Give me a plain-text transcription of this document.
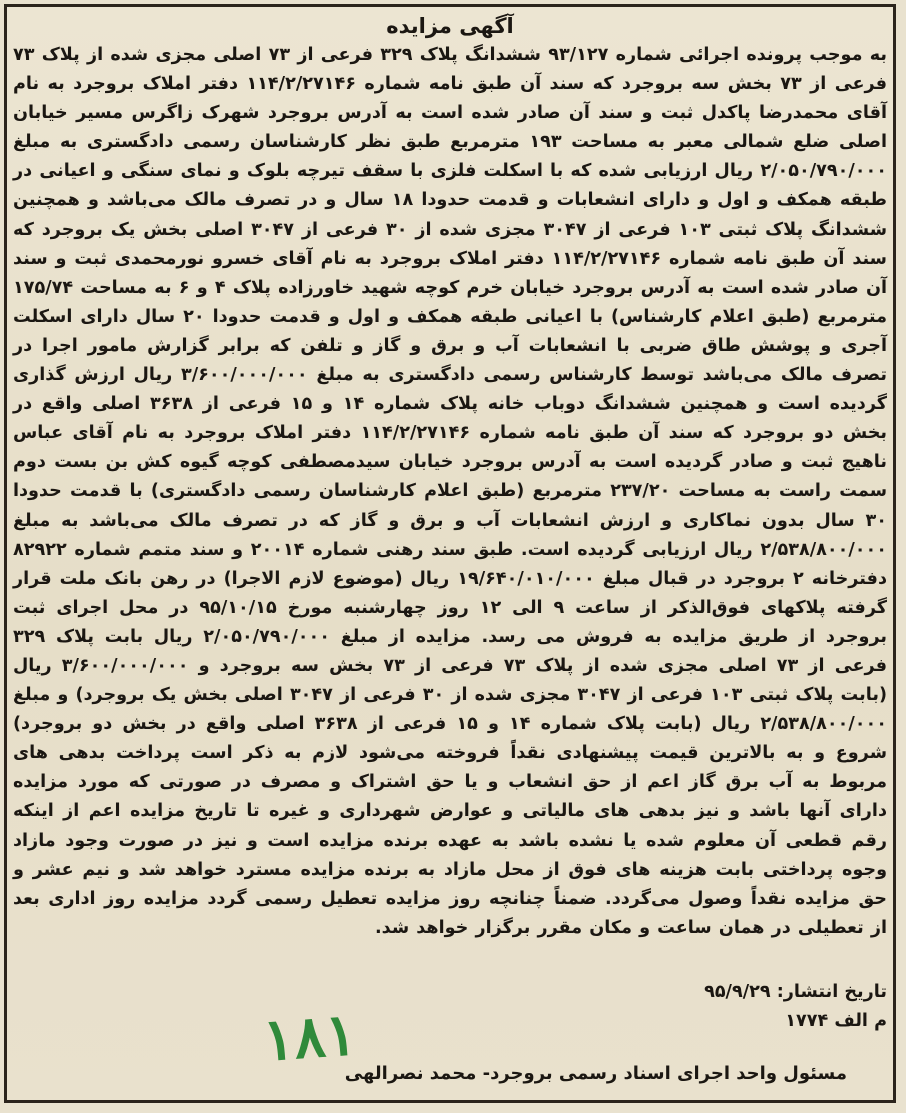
آگهی مزایده

به موجب پرونده اجرائی شماره ۹۳/۱۲۷ ششدانگ پلاک ۳۲۹ فرعی از ۷۳ اصلی مجزی شده از پلاک ۷۳ فرعی از ۷۳ بخش سه بروجرد که سند آن طبق نامه شماره ۱۱۴/۲/۲۷۱۴۶ دفتر املاک بروجرد به نام آقای محمدرضا پاکدل ثبت و سند آن صادر شده است به آدرس بروجرد شهرک زاگرس مسیر خیابان اصلی ضلع شمالی معبر به مساحت ۱۹۳ مترمربع طبق نظر کارشناسان رسمی دادگستری به مبلغ ۲/۰۵۰/۷۹۰/۰۰۰ ریال ارزیابی شده که با اسکلت فلزی با سقف تیرچه بلوک و نمای سنگی و اعیانی در طبقه همکف و اول و دارای انشعابات و قدمت حدودا ۱۸ سال و در تصرف مالک می‌باشد و همچنین ششدانگ پلاک ثبتی ۱۰۳ فرعی از ۳۰۴۷ مجزی شده از ۳۰ فرعی از ۳۰۴۷ اصلی بخش یک بروجرد که سند آن طبق نامه شماره ۱۱۴/۲/۲۷۱۴۶ دفتر املاک بروجرد به نام آقای خسرو نورمحمدی ثبت و سند آن صادر شده است به آدرس بروجرد خیابان خرم کوچه شهید خاورزاده پلاک ۴ و ۶ به مساحت ۱۷۵/۷۴ مترمربع (طبق اعلام کارشناس) با اعیانی طبقه همکف و اول و قدمت حدودا ۲۰ سال دارای اسکلت آجری و پوشش طاق ضربی با انشعابات آب و برق و گاز و تلفن که برابر گزارش مامور اجرا در تصرف مالک می‌باشد توسط کارشناس رسمی دادگستری به مبلغ ۳/۶۰۰/۰۰۰/۰۰۰ ریال ارزش گذاری گردیده است و همچنین ششدانگ دوباب خانه پلاک شماره ۱۴ و ۱۵ فرعی از ۳۶۳۸ اصلی واقع در بخش دو بروجرد که سند آن طبق نامه شماره ۱۱۴/۲/۲۷۱۴۶ دفتر املاک بروجرد به نام آقای عباس ناهیج ثبت و صادر گردیده است به آدرس بروجرد خیابان سیدمصطفی کوچه گیوه کش بن بست دوم سمت راست به مساحت ۲۳۷/۲۰ مترمربع (طبق اعلام کارشناسان رسمی دادگستری) با قدمت حدودا ۳۰ سال بدون نماکاری و ارزش انشعابات آب و برق و گاز که در تصرف مالک می‌باشد به مبلغ ۲/۵۳۸/۸۰۰/۰۰۰ ریال ارزیابی گردیده است. طبق سند رهنی شماره ۲۰۰۱۴ و سند متمم شماره ۸۲۹۲۲ دفترخانه ۲ بروجرد در قبال مبلغ ۱۹/۶۴۰/۰۱۰/۰۰۰ ریال (موضوع لازم الاجرا) در رهن بانک ملت قرار گرفته پلاکهای فوق‌الذکر از ساعت ۹ الی ۱۲ روز چهارشنبه مورخ ۹۵/۱۰/۱۵ در محل اجرای ثبت بروجرد از طریق مزایده به فروش می رسد. مزایده از مبلغ ۲/۰۵۰/۷۹۰/۰۰۰ ریال بابت پلاک ۳۲۹ فرعی از ۷۳ اصلی مجزی شده از پلاک ۷۳ فرعی از ۷۳ بخش سه بروجرد و ۳/۶۰۰/۰۰۰/۰۰۰ ریال (بابت پلاک ثبتی ۱۰۳ فرعی از ۳۰۴۷ مجزی شده از ۳۰ فرعی از ۳۰۴۷ اصلی بخش یک بروجرد) و مبلغ ۲/۵۳۸/۸۰۰/۰۰۰ ریال (بابت پلاک شماره ۱۴ و ۱۵ فرعی از ۳۶۳۸ اصلی واقع در بخش دو بروجرد) شروع و به بالاترین قیمت پیشنهادی نقداً فروخته می‌شود لازم به ذکر است پرداخت بدهی های مربوط به آب برق گاز اعم از حق انشعاب و یا حق اشتراک و مصرف در صورتی که مورد مزایده دارای آنها باشد و نیز بدهی های مالیاتی و عوارض شهرداری و غیره تا تاریخ مزایده اعم از اینکه رقم قطعی آن معلوم شده یا نشده باشد به عهده برنده مزایده است و نیز در صورت وجود مازاد وجوه پرداختی بابت هزینه های فوق از محل مازاد به برنده مزایده مسترد خواهد شد و نیم عشر و حق مزایده نقداً وصول می‌گردد. ضمناً چنانچه روز مزایده تعطیل رسمی گردد مزایده روز اداری بعد از تعطیلی در همان ساعت و مکان مقرر برگزار خواهد شد.

تاریخ انتشار: ۹۵/۹/۲۹

م الف ۱۷۷۴

۱۸۱
مسئول واحد اجرای اسناد رسمی بروجرد- محمد نصرالهی
